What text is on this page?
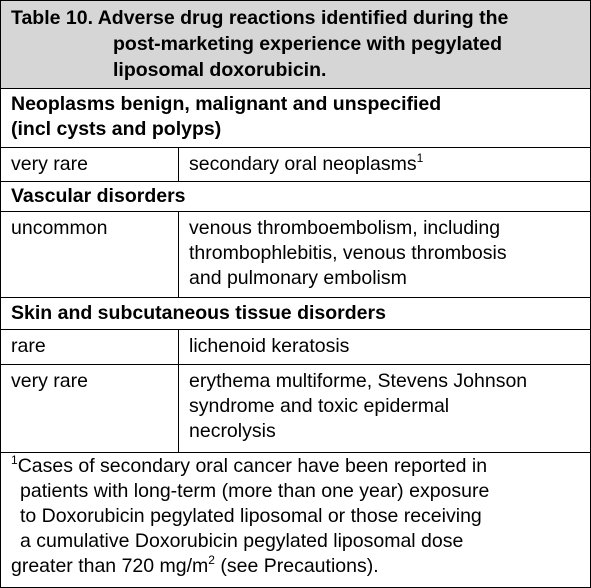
Table 10. Adverse drug reactions identified during the
post-marketing experience with pegylated
liposomal doxorubicin.
Neoplasms benign, malignant and unspecified
(incl cysts and polyps)
very rare	secondary oral neoplasms$^1$
Vascular disorders
uncommon	venous thromboembolism, including
thrombophlebitis, venous thrombosis
and pulmonary embolism
Skin and subcutaneous tissue disorders
rare	lichenoid keratosis
very rare	erythema multiforme, Stevens Johnson
syndrome and toxic epidermal
necrolysis
$^1$Cases of secondary oral cancer have been reported in
patients with long-term (more than one year) exposure
to Doxorubicin pegylated liposomal or those receiving
a cumulative Doxorubicin pegylated liposomal dose
greater than 720 $mg/m^2$ (see Precautions).
